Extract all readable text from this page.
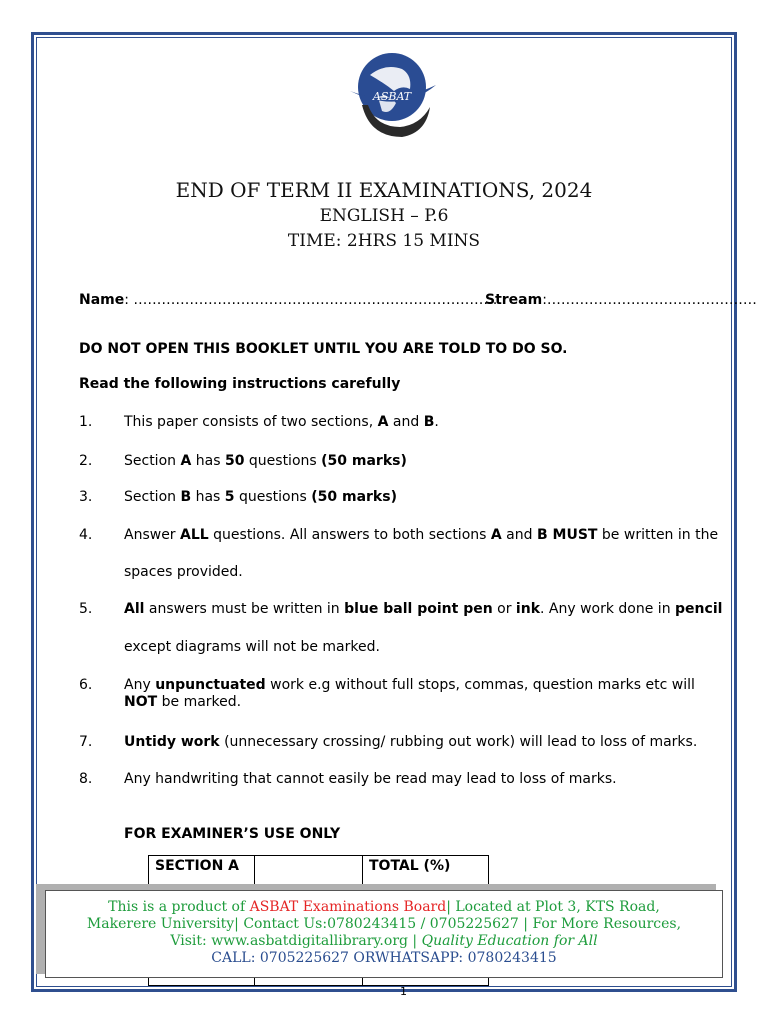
ASBAT
END OF TERM II EXAMINATIONS, 2024
ENGLISH – P.6
TIME: 2HRS 15 MINS
Name: ……………………………………………………………………
Stream:………………………………………
DO NOT OPEN THIS BOOKLET UNTIL YOU ARE TOLD TO DO SO.
Read the following instructions carefully
1. This paper consists of two sections, A and B.
2. Section A has 50 questions (50 marks)
3. Section B has 5 questions (50 marks)
4. Answer ALL questions. All answers to both sections A and B MUST be written in the
spaces provided.
5. All answers must be written in blue ball point pen or ink. Any work done in pencil
except diagrams will not be marked.
6. Any unpunctuated work e.g without full stops, commas, question marks etc will NOT be marked.
7. Untidy work (unnecessary crossing/ rubbing out work) will lead to loss of marks.
8. Any handwriting that cannot easily be read may lead to loss of marks.
FOR EXAMINER’S USE ONLY
SECTION A		TOTAL (%)

This is a product of ASBAT Examinations Board| Located at Plot 3, KTS Road,
Makerere University| Contact Us:0780243415 / 0705225627 | For More Resources,
Visit: www.asbatdigitallibrary.org | Quality Education for All
CALL: 0705225627 ORWHATSAPP: 0780243415
1
